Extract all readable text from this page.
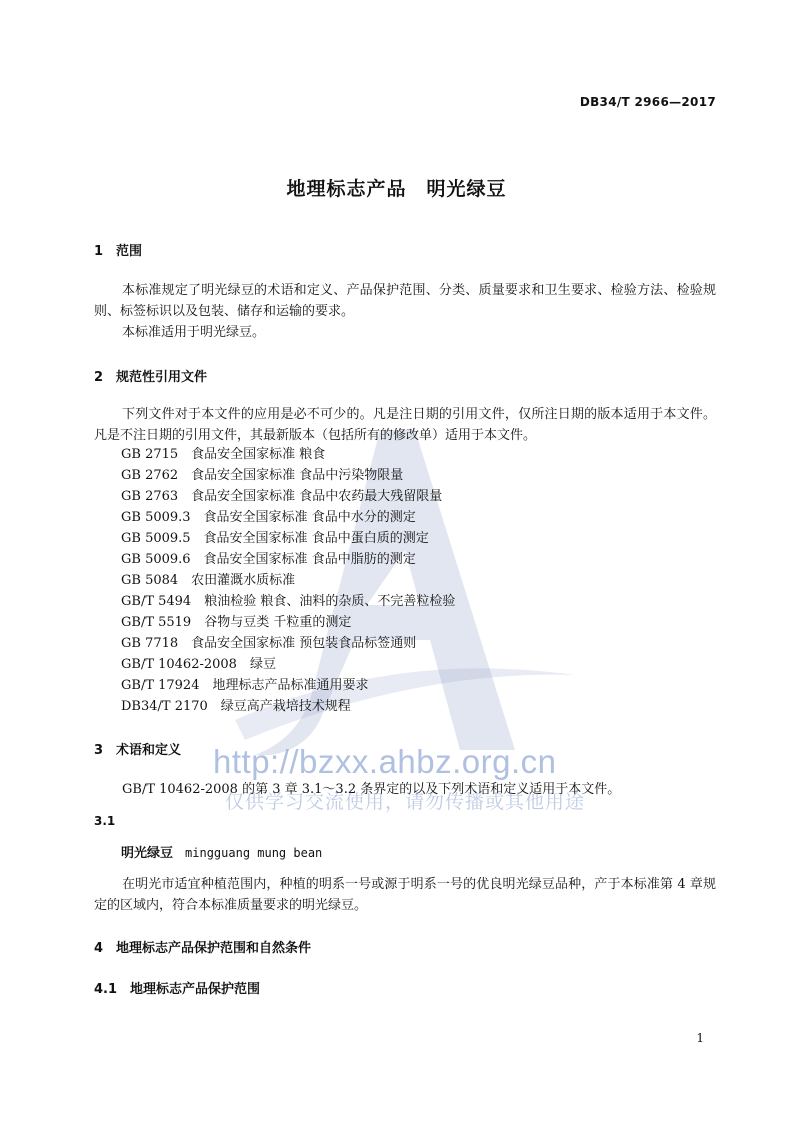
DB34/T 2966—2017
地理标志产品　明光绿豆
1 范围
本标准规定了明光绿豆的术语和定义、产品保护范围、分类、质量要求和卫生要求、检验方法、检验规则、标签标识以及包装、储存和运输的要求。
本标准适用于明光绿豆。
2 规范性引用文件
下列文件对于本文件的应用是必不可少的。凡是注日期的引用文件，仅所注日期的版本适用于本文件。凡是不注日期的引用文件，其最新版本（包括所有的修改单）适用于本文件。
GB 2715　食品安全国家标准 粮食
GB 2762　食品安全国家标准 食品中污染物限量
GB 2763　食品安全国家标准 食品中农药最大残留限量
GB 5009.3　食品安全国家标准 食品中水分的测定
GB 5009.5　食品安全国家标准 食品中蛋白质的测定
GB 5009.6　食品安全国家标准 食品中脂肪的测定
GB 5084　农田灌溉水质标准
GB/T 5494　粮油检验 粮食、油料的杂质、不完善粒检验
GB/T 5519　谷物与豆类 千粒重的测定
GB 7718　食品安全国家标准 预包装食品标签通则
GB/T 10462-2008　绿豆
GB/T 17924　地理标志产品标准通用要求
DB34/T 2170　绿豆高产栽培技术规程
3 术语和定义
GB/T 10462-2008 的第 3 章 3.1～3.2 条界定的以及下列术语和定义适用于本文件。
3.1
明光绿豆 mingguang mung bean
在明光市适宜种植范围内，种植的明系一号或源于明系一号的优良明光绿豆品种，产于本标准第 4 章规定的区域内，符合本标准质量要求的明光绿豆。
4 地理标志产品保护范围和自然条件
4.1 地理标志产品保护范围
http://bzxx.ahbz.org.cn
仅供学习交流使用，请勿传播或其他用途
1
